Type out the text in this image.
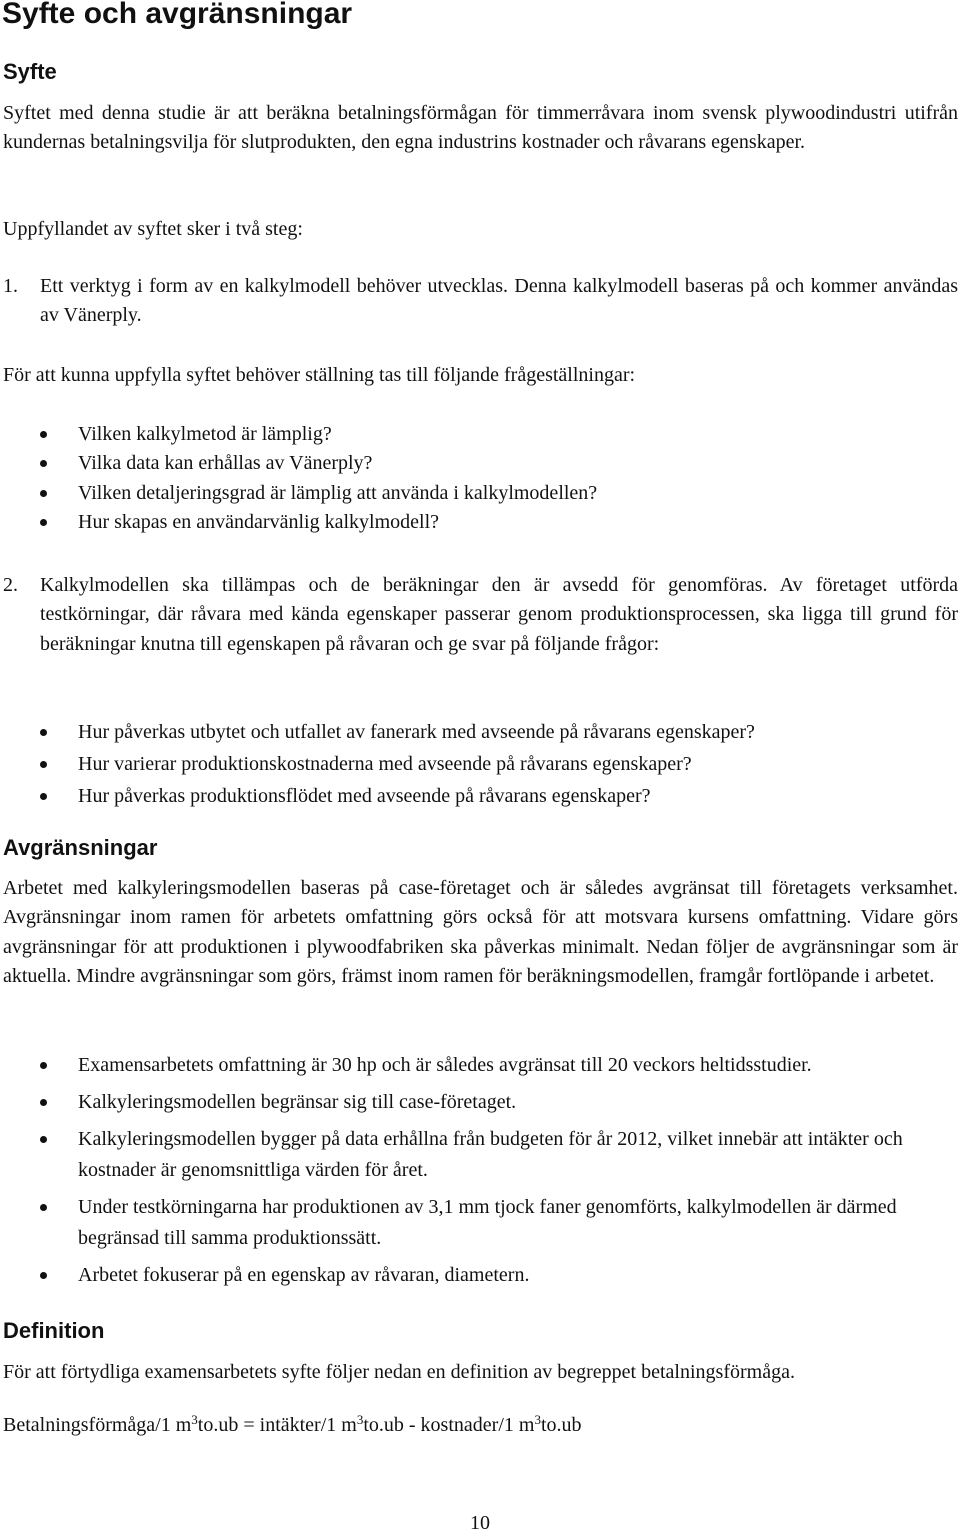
Syfte och avgränsningar
Syfte

Syftet med denna studie är att beräkna betalningsförmågan för timmerråvara inom svensk plywoodindustri utifrån kundernas betalningsvilja för slutprodukten, den egna industrins kostnader och råvarans egenskaper.

Uppfyllandet av syftet sker i två steg:

1. Ett verktyg i form av en kalkylmodell behöver utvecklas. Denna kalkylmodell baseras på och kommer användas av Vänerply.

För att kunna uppfylla syftet behöver ställning tas till följande frågeställningar:

Vilken kalkylmetod är lämplig?
Vilka data kan erhållas av Vänerply?
Vilken detaljeringsgrad är lämplig att använda i kalkylmodellen?
Hur skapas en användarvänlig kalkylmodell?
2. Kalkylmodellen ska tillämpas och de beräkningar den är avsedd för genomföras. Av företaget utförda testkörningar, där råvara med kända egenskaper passerar genom produktionsprocessen, ska ligga till grund för beräkningar knutna till egenskapen på råvaran och ge svar på följande frågor:
Hur påverkas utbytet och utfallet av fanerark med avseende på råvarans egenskaper?
Hur varierar produktionskostnaderna med avseende på råvarans egenskaper?
Hur påverkas produktionsflödet med avseende på råvarans egenskaper?
Avgränsningar

Arbetet med kalkyleringsmodellen baseras på case-företaget och är således avgränsat till företagets verksamhet. Avgränsningar inom ramen för arbetets omfattning görs också för att motsvara kursens omfattning. Vidare görs avgränsningar för att produktionen i plywoodfabriken ska påverkas minimalt. Nedan följer de avgränsningar som är aktuella. Mindre avgränsningar som görs, främst inom ramen för beräkningsmodellen, framgår fortlöpande i arbetet.

Examensarbetets omfattning är 30 hp och är således avgränsat till 20 veckors heltidsstudier.
Kalkyleringsmodellen begränsar sig till case-företaget.
Kalkyleringsmodellen bygger på data erhållna från budgeten för år 2012, vilket innebär att intäkter och kostnader är genomsnittliga värden för året.
Under testkörningarna har produktionen av 3,1 mm tjock faner genomförts, kalkylmodellen är därmed begränsad till samma produktionssätt.
Arbetet fokuserar på en egenskap av råvaran, diametern.
Definition

För att förtydliga examensarbetets syfte följer nedan en definition av begreppet betalningsförmåga.

Betalningsförmåga/1 $m^3to.ub$ = intäkter/1 $m^3to.ub$ - kostnader/1 $m^3to.ub$
10
